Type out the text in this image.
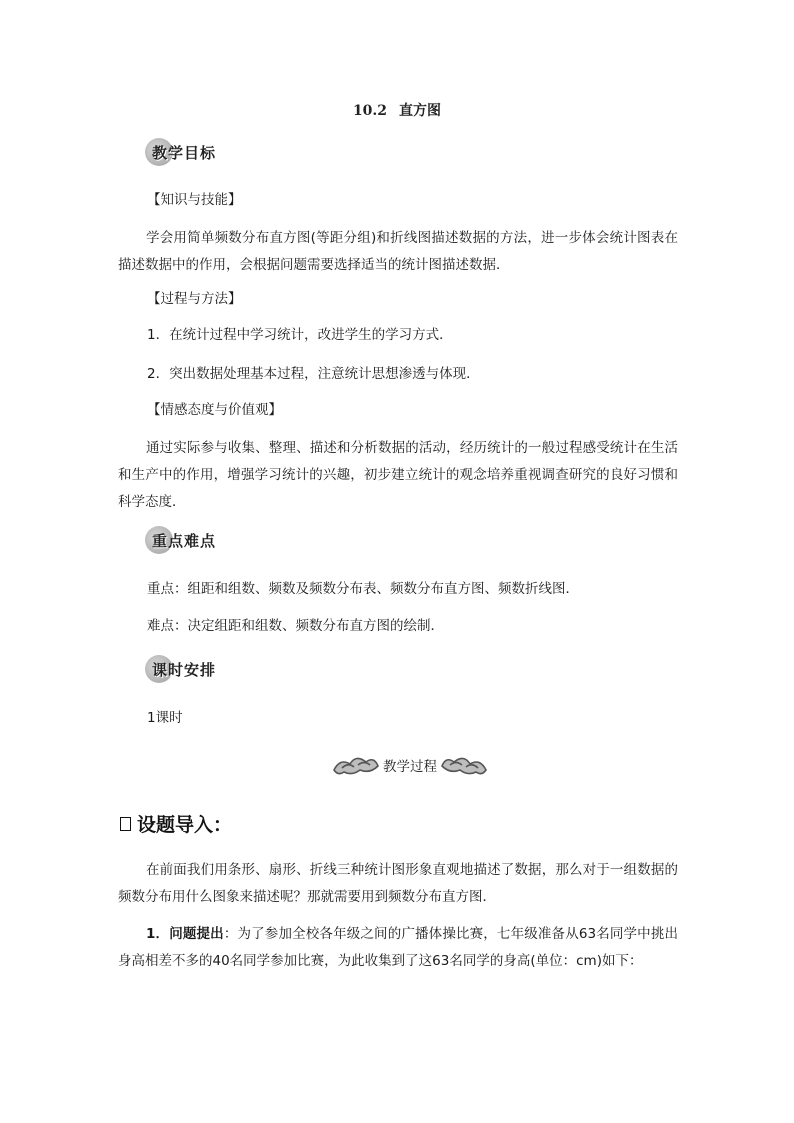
10.2 直方图
教学目标
【知识与技能】
学会用简单频数分布直方图(等距分组)和折线图描述数据的方法，进一步体会统计图表在描述数据中的作用，会根据问题需要选择适当的统计图描述数据．
【过程与方法】
1．在统计过程中学习统计，改进学生的学习方式．
2．突出数据处理基本过程，注意统计思想渗透与体现．
【情感态度与价值观】
通过实际参与收集、整理、描述和分析数据的活动，经历统计的一般过程感受统计在生活和生产中的作用，增强学习统计的兴趣，初步建立统计的观念培养重视调查研究的良好习惯和科学态度．
重点难点
重点：组距和组数、频数及频数分布表、频数分布直方图、频数折线图．
难点：决定组距和组数、频数分布直方图的绘制．
课时安排
1课时
教学过程
设题导入：
在前面我们用条形、扇形、折线三种统计图形象直观地描述了数据，那么对于一组数据的频数分布用什么图象来描述呢？那就需要用到频数分布直方图．
1．问题提出：为了参加全校各年级之间的广播体操比赛，七年级准备从63名同学中挑出身高相差不多的40名同学参加比赛，为此收集到了这63名同学的身高(单位：cm)如下：
